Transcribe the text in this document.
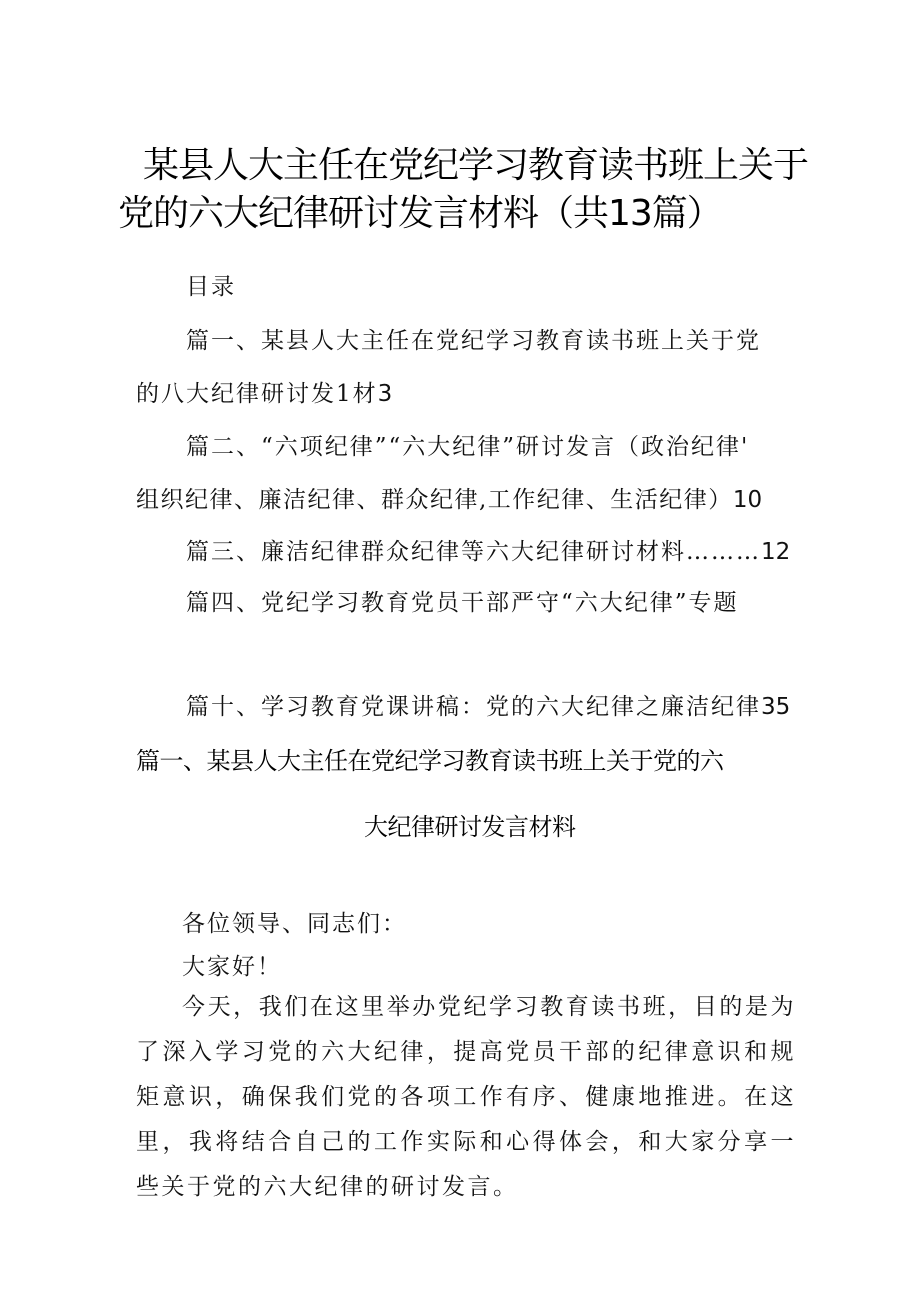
某县人大主任在党纪学习教育读书班上关于
党的六大纪律研讨发言材料（共13篇）
目录
篇一、某县人大主任在党纪学习教育读书班上关于党
的八大纪律研讨发1材3
篇二、“六项纪律”“六大纪律”研讨发言（政治纪律'
组织纪律、廉洁纪律、群众纪律,工作纪律、生活纪律）10
篇三、廉洁纪律群众纪律等六大纪律研讨材料………12
篇四、党纪学习教育党员干部严守“六大纪律”专题
篇十、学习教育党课讲稿：党的六大纪律之廉洁纪律35
篇一、某县人大主任在党纪学习教育读书班上关于党的六
大纪律研讨发言材料
各位领导、同志们：
大家好！

今天，我们在这里举办党纪学习教育读书班，目的是为了深入学习党的六大纪律，提高党员干部的纪律意识和规矩意识，确保我们党的各项工作有序、健康地推进。在这里，我将结合自己的工作实际和心得体会，和大家分享一些关于党的六大纪律的研讨发言。
